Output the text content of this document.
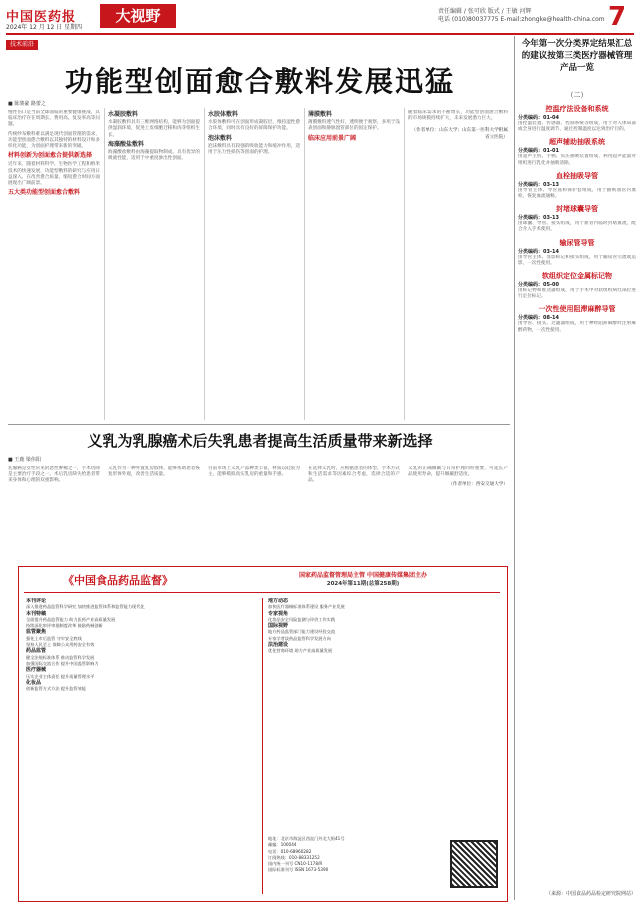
中国医药报
2024年 12 月 12 日 星期四
大视野	责任编辑 / 张可欣 版式 / 王敏 河辉
电话 (010)80037775 E-mail:zhongke@health-china.com 7
技术前沿
功能型创面愈合敷料发展迅猛
■ 陈骏豪 路蕾之

慢性伤口是当前全球面临的重要健康挑战，其临床治疗存在周期长、费用高、复发率高等问题。

传统纱布敷料难以满足现代创面管理的需求，功能型创面愈合敷料以其独特的材料设计和多样化功能，为创面护理带来新的突破。

材料创新为创面愈合提供新选择

近年来，随着材料科学、生物医学工程和纳米技术的快速发展，功能型敷料的研究与应用日益深入，在改善愈合质量、缩短愈合时间方面展现出广阔前景。

五大类功能型创面愈合敷料
水凝胶敷料

水凝胶敷料具有三维网络结构，能够为创面提供湿润环境，促进上皮细胞迁移和肉芽组织生长。

海藻酸盐敷料

海藻酸盐敷料由海藻提取物制成，具有优异的吸液性能，适用于中重度渗出性创面。

水胶体敷料

水胶体敷料可在创面形成凝胶层，维持湿性愈合环境，同时具有良好的屏障保护功能。

泡沫敷料

泡沫敷料具有较强的吸收能力和缓冲作用，适用于压力性损伤等创面的护理。

薄膜敷料

薄膜敷料透气性好、透明便于观察，多用于浅表创面和静脉置管部位的固定保护。

临床应用前景广阔

随着临床需求的不断增长，功能型创面愈合敷料的市场规模持续扩大，未来发展潜力巨大。

（作者单位：山东大学；山东第一医科大学附属省立医院）

义乳为乳腺癌术后失乳患者提高生活质量带来新选择
■ 王鹿 梁伟阳

乳腺癌是女性常见的恶性肿瘤之一，手术切除是主要治疗手段之一。术后乳房缺失给患者带来身体和心理的双重影响。

义乳作为一种外置乳房假体，能够帮助患者恢复形体外观，改善生活质量。

目前市场上义乳产品种类丰富，材质以硅胶为主，能够模拟真实乳房的重量和手感。

在选择义乳时，应根据患者的体型、手术方式和生活需求等因素综合考虑，选择合适的产品。

义乳的正确佩戴与日常护理同样重要，可延长产品使用寿命，提升佩戴舒适度。

（作者单位：西安交通大学）

《中国食品药品监督》	国家药品监督管理局主管 中国健康传媒集团主办
2024年第11期(总第258期)
本刊评论
深入推进药品监管科学研究 加快推进监管体系和监管能力现代化
本刊特稿
全面提升药品监管能力 助力医药产业高质量发展
持续深化审评审批制度改革 鼓励药械创新
监管聚焦
强化上市后监管 守牢安全底线
坚持人民至上 保障公众用药安全有效
药品监管
健全法规标准体系 推动监管科学发展
加强国际交流合作 提升中国监管影响力
医疗器械
压实企业主体责任 提升质量管理水平
化妆品
创新监管方式方法 提升监管效能
地方动态
加快医疗器械标准体系建设 服务产业发展
专家视角
化妆品安全风险监测与评价工作实践
国际视野
地方药品监管部门能力建设经验交流
专家学者谈药品监管科学发展方向
法治建设
优化营商环境 助力产业高质量发展
地址：北京市海淀区西直门外北大街41号
邮编：100044
电话：010-68960282
订阅热线：010-88331252
国内统一刊号 CN10-1178/R
国际标准刊号 ISSN 1673-5390
今年第一次分类界定结果汇总的建议按第三类医疗器械管理产品一览
（二）
控温疗法设备和系统
分类编码：01-04
由控温装置、传感器、控制系统等组成，用于对人体局部或全身进行温度调节，通过控制温度以达到治疗目的。
超声辅助抽吸系统
分类编码：01-01
由超声主机、手柄、负压抽吸装置组成，利用超声能量对组织进行乳化并抽吸清除。
血栓抽吸导管
分类编码：03-13
由导管主体、导管座和保护套组成，用于抽吸血管内血栓，恢复血流通畅。
封堵球囊导管
分类编码：03-13
由球囊、导管、接头组成，用于血管内临时封堵血流，配合介入手术使用。
输尿管导管
分类编码：03-14
由导管主体、显影标记和接头组成，用于输尿管引流或造影，一次性使用。
软组织定位金属标记物
分类编码：05-00
由标记物和推送器组成，用于手术中对软组织病灶部位进行定位标记。
一次性使用阻滞麻醉导管
分类编码：08-14
由导管、接头、过滤器组成，用于神经阻滞麻醉时注射麻醉药物，一次性使用。
（来源：中国食品药品检定研究院网站）
